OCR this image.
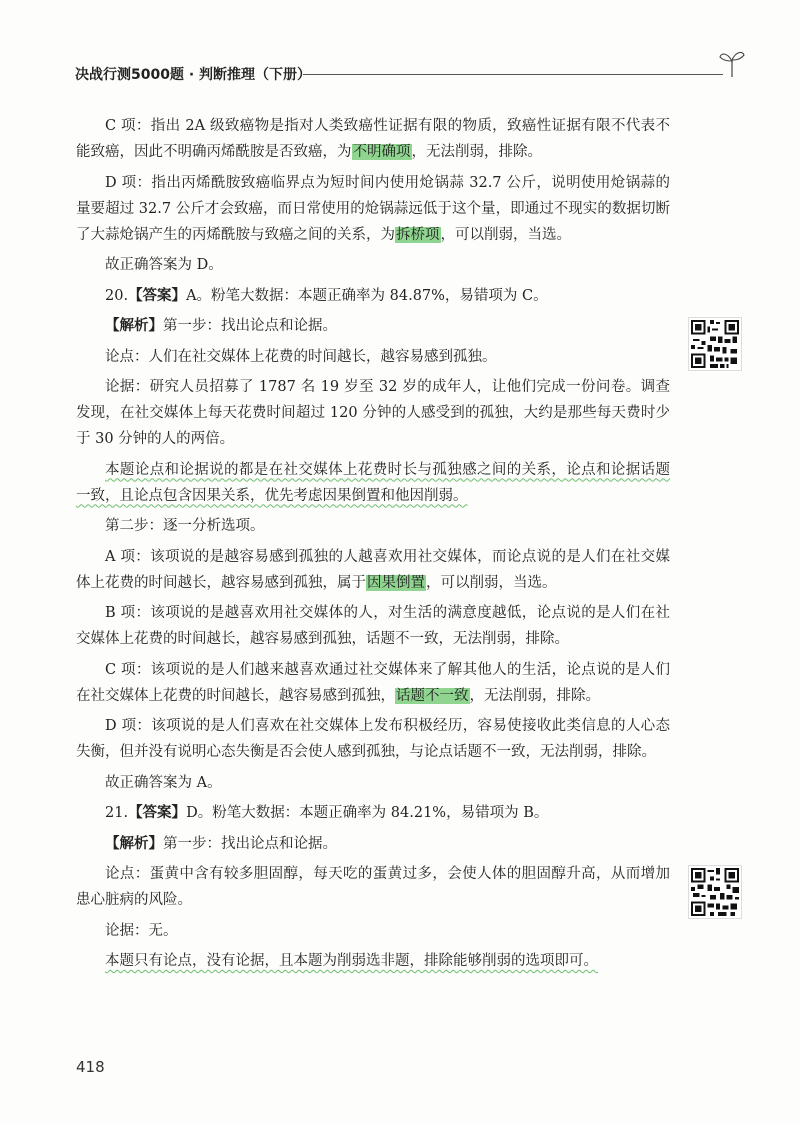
决战行测5000题 · 判断推理（下册）

C 项：指出 2A 级致癌物是指对人类致癌性证据有限的物质，致癌性证据有限不代表不能致癌，因此不明确丙烯酰胺是否致癌，为不明确项，无法削弱，排除。

D 项：指出丙烯酰胺致癌临界点为短时间内使用炝锅蒜 32.7 公斤，说明使用炝锅蒜的量要超过 32.7 公斤才会致癌，而日常使用的炝锅蒜远低于这个量，即通过不现实的数据切断了大蒜炝锅产生的丙烯酰胺与致癌之间的关系，为拆桥项，可以削弱，当选。

故正确答案为 D。

20.【答案】A。粉笔大数据：本题正确率为 84.87%，易错项为 C。

【解析】第一步：找出论点和论据。

论点：人们在社交媒体上花费的时间越长，越容易感到孤独。

论据：研究人员招募了 1787 名 19 岁至 32 岁的成年人，让他们完成一份问卷。调查发现，在社交媒体上每天花费时间超过 120 分钟的人感受到的孤独，大约是那些每天费时少于 30 分钟的人的两倍。

本题论点和论据说的都是在社交媒体上花费时长与孤独感之间的关系，论点和论据话题一致，且论点包含因果关系，优先考虑因果倒置和他因削弱。

第二步：逐一分析选项。

A 项：该项说的是越容易感到孤独的人越喜欢用社交媒体，而论点说的是人们在社交媒体上花费的时间越长，越容易感到孤独，属于因果倒置，可以削弱，当选。

B 项：该项说的是越喜欢用社交媒体的人，对生活的满意度越低，论点说的是人们在社交媒体上花费的时间越长，越容易感到孤独，话题不一致，无法削弱，排除。

C 项：该项说的是人们越来越喜欢通过社交媒体来了解其他人的生活，论点说的是人们在社交媒体上花费的时间越长，越容易感到孤独，话题不一致，无法削弱，排除。

D 项：该项说的是人们喜欢在社交媒体上发布积极经历，容易使接收此类信息的人心态失衡，但并没有说明心态失衡是否会使人感到孤独，与论点话题不一致，无法削弱，排除。

故正确答案为 A。

21.【答案】D。粉笔大数据：本题正确率为 84.21%，易错项为 B。

【解析】第一步：找出论点和论据。

论点：蛋黄中含有较多胆固醇，每天吃的蛋黄过多，会使人体的胆固醇升高，从而增加患心脏病的风险。

论据：无。

本题只有论点，没有论据，且本题为削弱选非题，排除能够削弱的选项即可。

418
